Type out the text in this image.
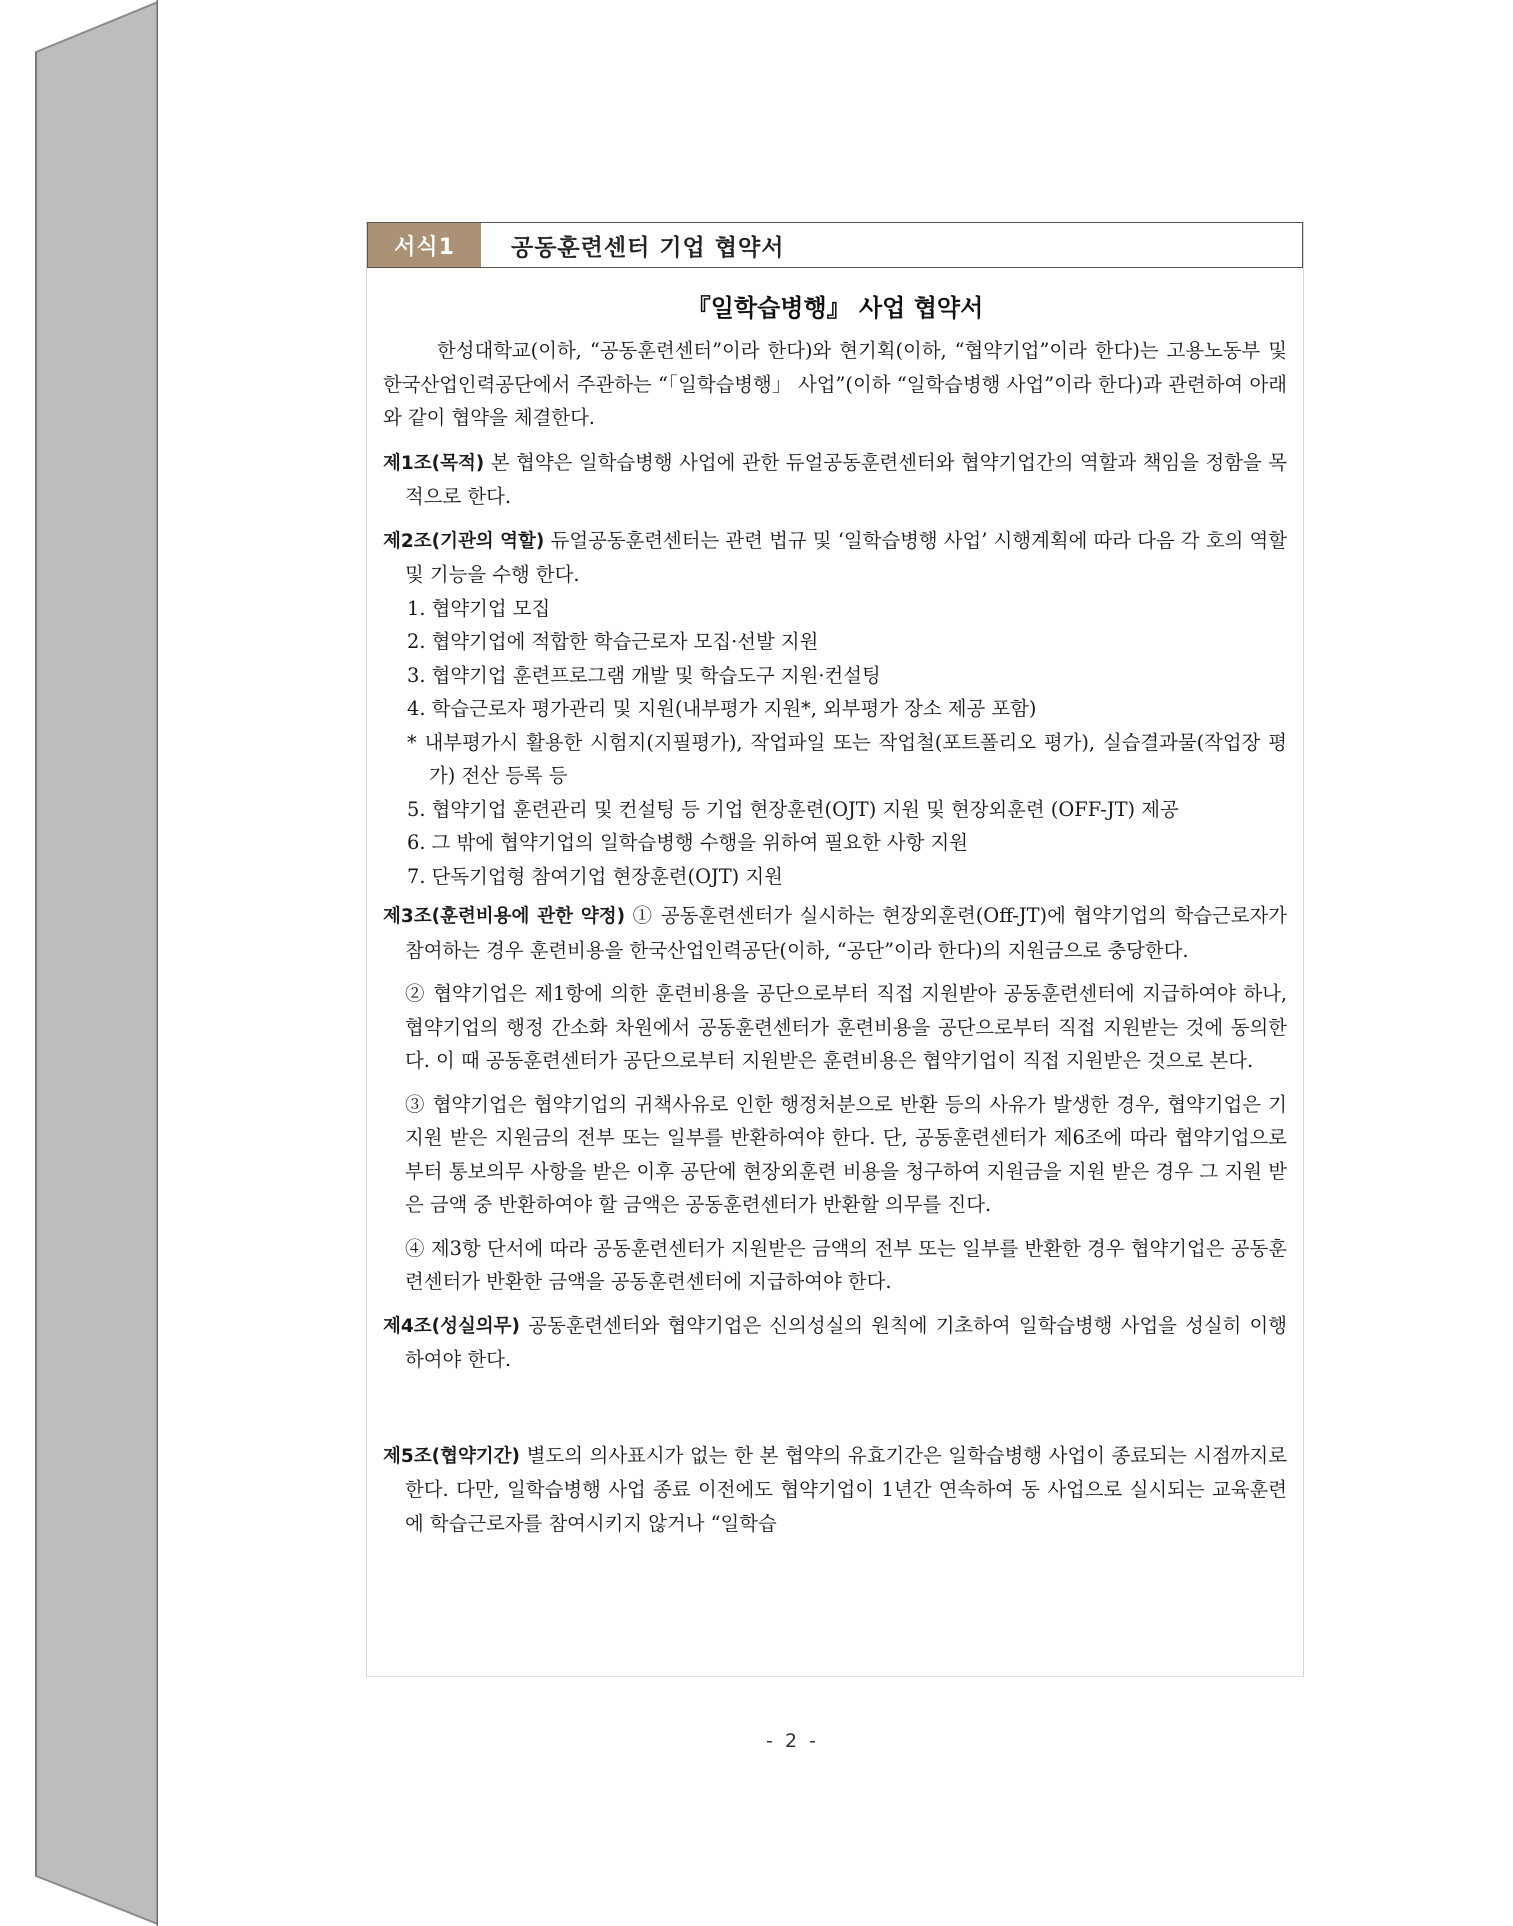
서식1	공동훈련센터 기업 협약서
『일학습병행』 사업 협약서

한성대학교(이하, “공동훈련센터”이라 한다)와 현기획(이하, “협약기업”이라 한다)는 고용노동부 및 한국산업인력공단에서 주관하는 “「일학습병행」 사업”(이하 “일학습병행 사업”이라 한다)과 관련하여 아래와 같이 협약을 체결한다.

제1조(목적) 본 협약은 일학습병행 사업에 관한 듀얼공동훈련센터와 협약기업간의 역할과 책임을 정함을 목적으로 한다.

제2조(기관의 역할) 듀얼공동훈련센터는 관련 법규 및 ‘일학습병행 사업’ 시행계획에 따라 다음 각 호의 역할 및 기능을 수행 한다.

1. 협약기업 모집
2. 협약기업에 적합한 학습근로자 모집·선발 지원
3. 협약기업 훈련프로그램 개발 및 학습도구 지원·컨설팅
4. 학습근로자 평가관리 및 지원(내부평가 지원*, 외부평가 장소 제공 포함)
* 내부평가시 활용한 시험지(지필평가), 작업파일 또는 작업철(포트폴리오 평가), 실습결과물(작업장 평가) 전산 등록 등
5. 협약기업 훈련관리 및 컨설팅 등 기업 현장훈련(OJT) 지원 및 현장외훈련 (OFF-JT) 제공
6. 그 밖에 협약기업의 일학습병행 수행을 위하여 필요한 사항 지원
7. 단독기업형 참여기업 현장훈련(OJT) 지원

제3조(훈련비용에 관한 약정) ① 공동훈련센터가 실시하는 현장외훈련(Off-JT)에 협약기업의 학습근로자가 참여하는 경우 훈련비용을 한국산업인력공단(이하, “공단”이라 한다)의 지원금으로 충당한다.

② 협약기업은 제1항에 의한 훈련비용을 공단으로부터 직접 지원받아 공동훈련센터에 지급하여야 하나, 협약기업의 행정 간소화 차원에서 공동훈련센터가 훈련비용을 공단으로부터 직접 지원받는 것에 동의한다. 이 때 공동훈련센터가 공단으로부터 지원받은 훈련비용은 협약기업이 직접 지원받은 것으로 본다.

③ 협약기업은 협약기업의 귀책사유로 인한 행정처분으로 반환 등의 사유가 발생한 경우, 협약기업은 기지원 받은 지원금의 전부 또는 일부를 반환하여야 한다. 단, 공동훈련센터가 제6조에 따라 협약기업으로부터 통보의무 사항을 받은 이후 공단에 현장외훈련 비용을 청구하여 지원금을 지원 받은 경우 그 지원 받은 금액 중 반환하여야 할 금액은 공동훈련센터가 반환할 의무를 진다.

④ 제3항 단서에 따라 공동훈련센터가 지원받은 금액의 전부 또는 일부를 반환한 경우 협약기업은 공동훈련센터가 반환한 금액을 공동훈련센터에 지급하여야 한다.

제4조(성실의무) 공동훈련센터와 협약기업은 신의성실의 원칙에 기초하여 일학습병행 사업을 성실히 이행하여야 한다.

제5조(협약기간) 별도의 의사표시가 없는 한 본 협약의 유효기간은 일학습병행 사업이 종료되는 시점까지로 한다. 다만, 일학습병행 사업 종료 이전에도 협약기업이 1년간 연속하여 동 사업으로 실시되는 교육훈련에 학습근로자를 참여시키지 않거나 “일학습

- 2 -
